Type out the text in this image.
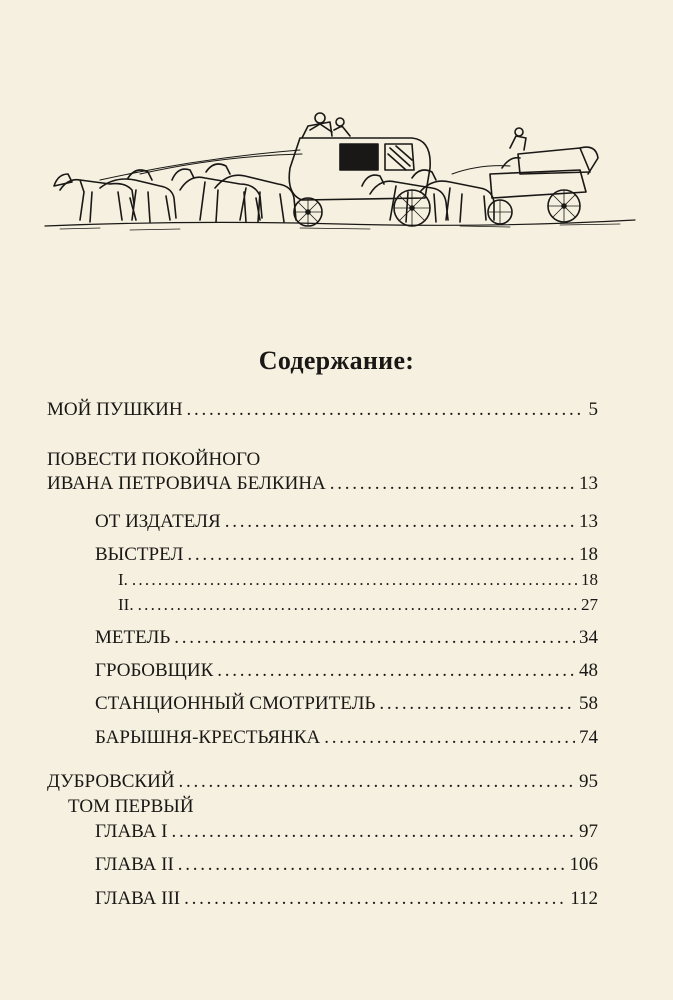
Содержание:
МОЙ ПУШКИН . . .	5
ПОВЕСТИ ПОКОЙНОГО
ИВАНА ПЕТРОВИЧА БЕЛКИНА . . .	13
ОТ ИЗДАТЕЛЯ . . .	13
ВЫСТРЕЛ . . .	18
I. . . .	18
II. . . .	27
МЕТЕЛЬ . . .	34
ГРОБОВЩИК . . .	48
СТАНЦИОННЫЙ СМОТРИТЕЛЬ . . .	58
БАРЫШНЯ-КРЕСТЬЯНКА . . .	74
ДУБРОВСКИЙ . . .	95
ТОМ ПЕРВЫЙ
ГЛАВА I . . .	97
ГЛАВА II . . .	106
ГЛАВА III . . .	112
